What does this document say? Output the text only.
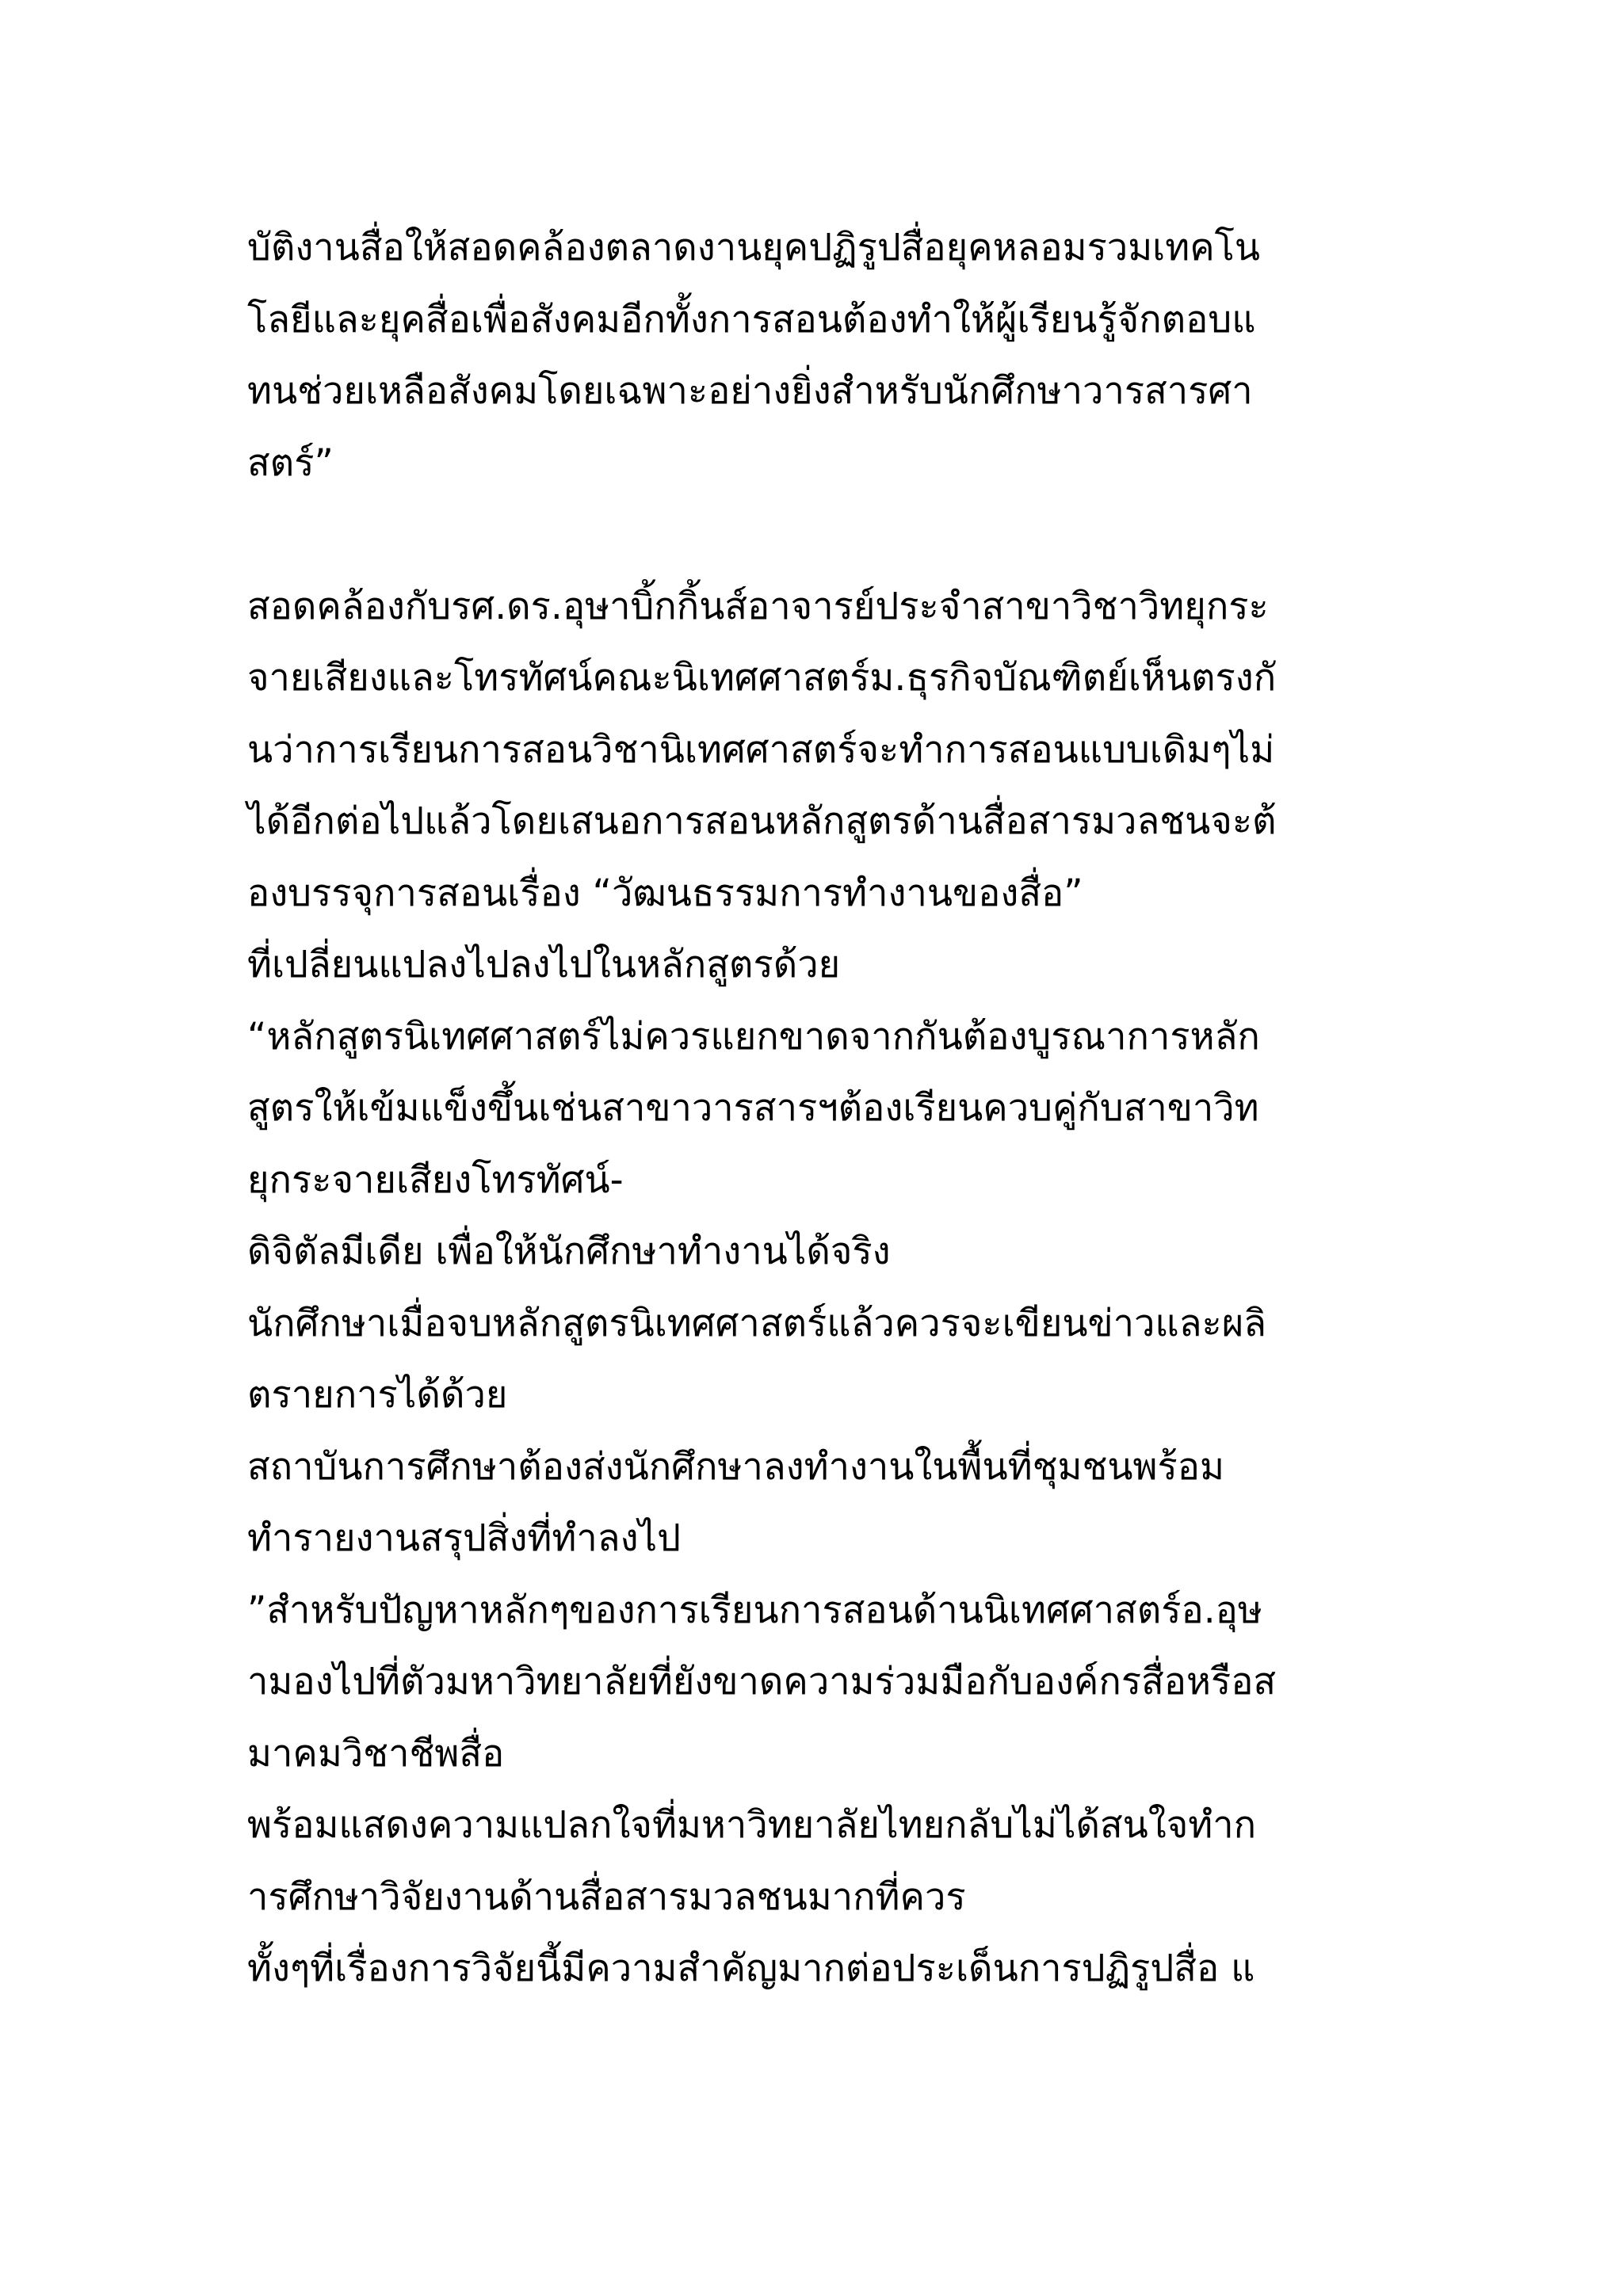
บัติงานสื่อให้สอดคล้องตลาดงานยุคปฏิรูปสื่อยุคหลอมรวมเทคโน
โลยีและยุคสื่อเพื่อสังคมอีกทั้งการสอนต้องทำให้ผู้เรียนรู้จักตอบแ
ทนช่วยเหลือสังคมโดยเฉพาะอย่างยิ่งสำหรับนักศึกษาวารสารศา
สตร์”
สอดคล้องกับรศ.ดร.อุษาบิ้กกิ้นส์อาจารย์ประจำสาขาวิชาวิทยุกระ
จายเสียงและโทรทัศน์คณะนิเทศศาสตร์ม.ธุรกิจบัณฑิตย์เห็นตรงกั
นว่าการเรียนการสอนวิชานิเทศศาสตร์จะทำการสอนแบบเดิมๆไม่
ได้อีกต่อไปแล้วโดยเสนอการสอนหลักสูตรด้านสื่อสารมวลชนจะต้
องบรรจุการสอนเรื่อง “วัฒนธรรมการทำงานของสื่อ”
ที่เปลี่ยนแปลงไปลงไปในหลักสูตรด้วย
“หลักสูตรนิเทศศาสตร์ไม่ควรแยกขาดจากกันต้องบูรณาการหลัก
สูตรให้เข้มแข็งขึ้นเช่นสาขาวารสารฯต้องเรียนควบคู่กับสาขาวิท
ยุกระจายเสียงโทรทัศน์-
ดิจิตัลมีเดีย เพื่อให้นักศึกษาทำงานได้จริง
นักศึกษาเมื่อจบหลักสูตรนิเทศศาสตร์แล้วควรจะเขียนข่าวและผลิ
ตรายการได้ด้วย
สถาบันการศึกษาต้องส่งนักศึกษาลงทำงานในพื้นที่ชุมชนพร้อม
ทำรายงานสรุปสิ่งที่ทำลงไป
”สำหรับปัญหาหลักๆของการเรียนการสอนด้านนิเทศศาสตร์อ.อุษ
ามองไปที่ตัวมหาวิทยาลัยที่ยังขาดความร่วมมือกับองค์กรสื่อหรือส
มาคมวิชาชีพสื่อ
พร้อมแสดงความแปลกใจที่มหาวิทยาลัยไทยกลับไม่ได้สนใจทำก
ารศึกษาวิจัยงานด้านสื่อสารมวลชนมากที่ควร
ทั้งๆที่เรื่องการวิจัยนี้มีความสำคัญมากต่อประเด็นการปฏิรูปสื่อ แ
